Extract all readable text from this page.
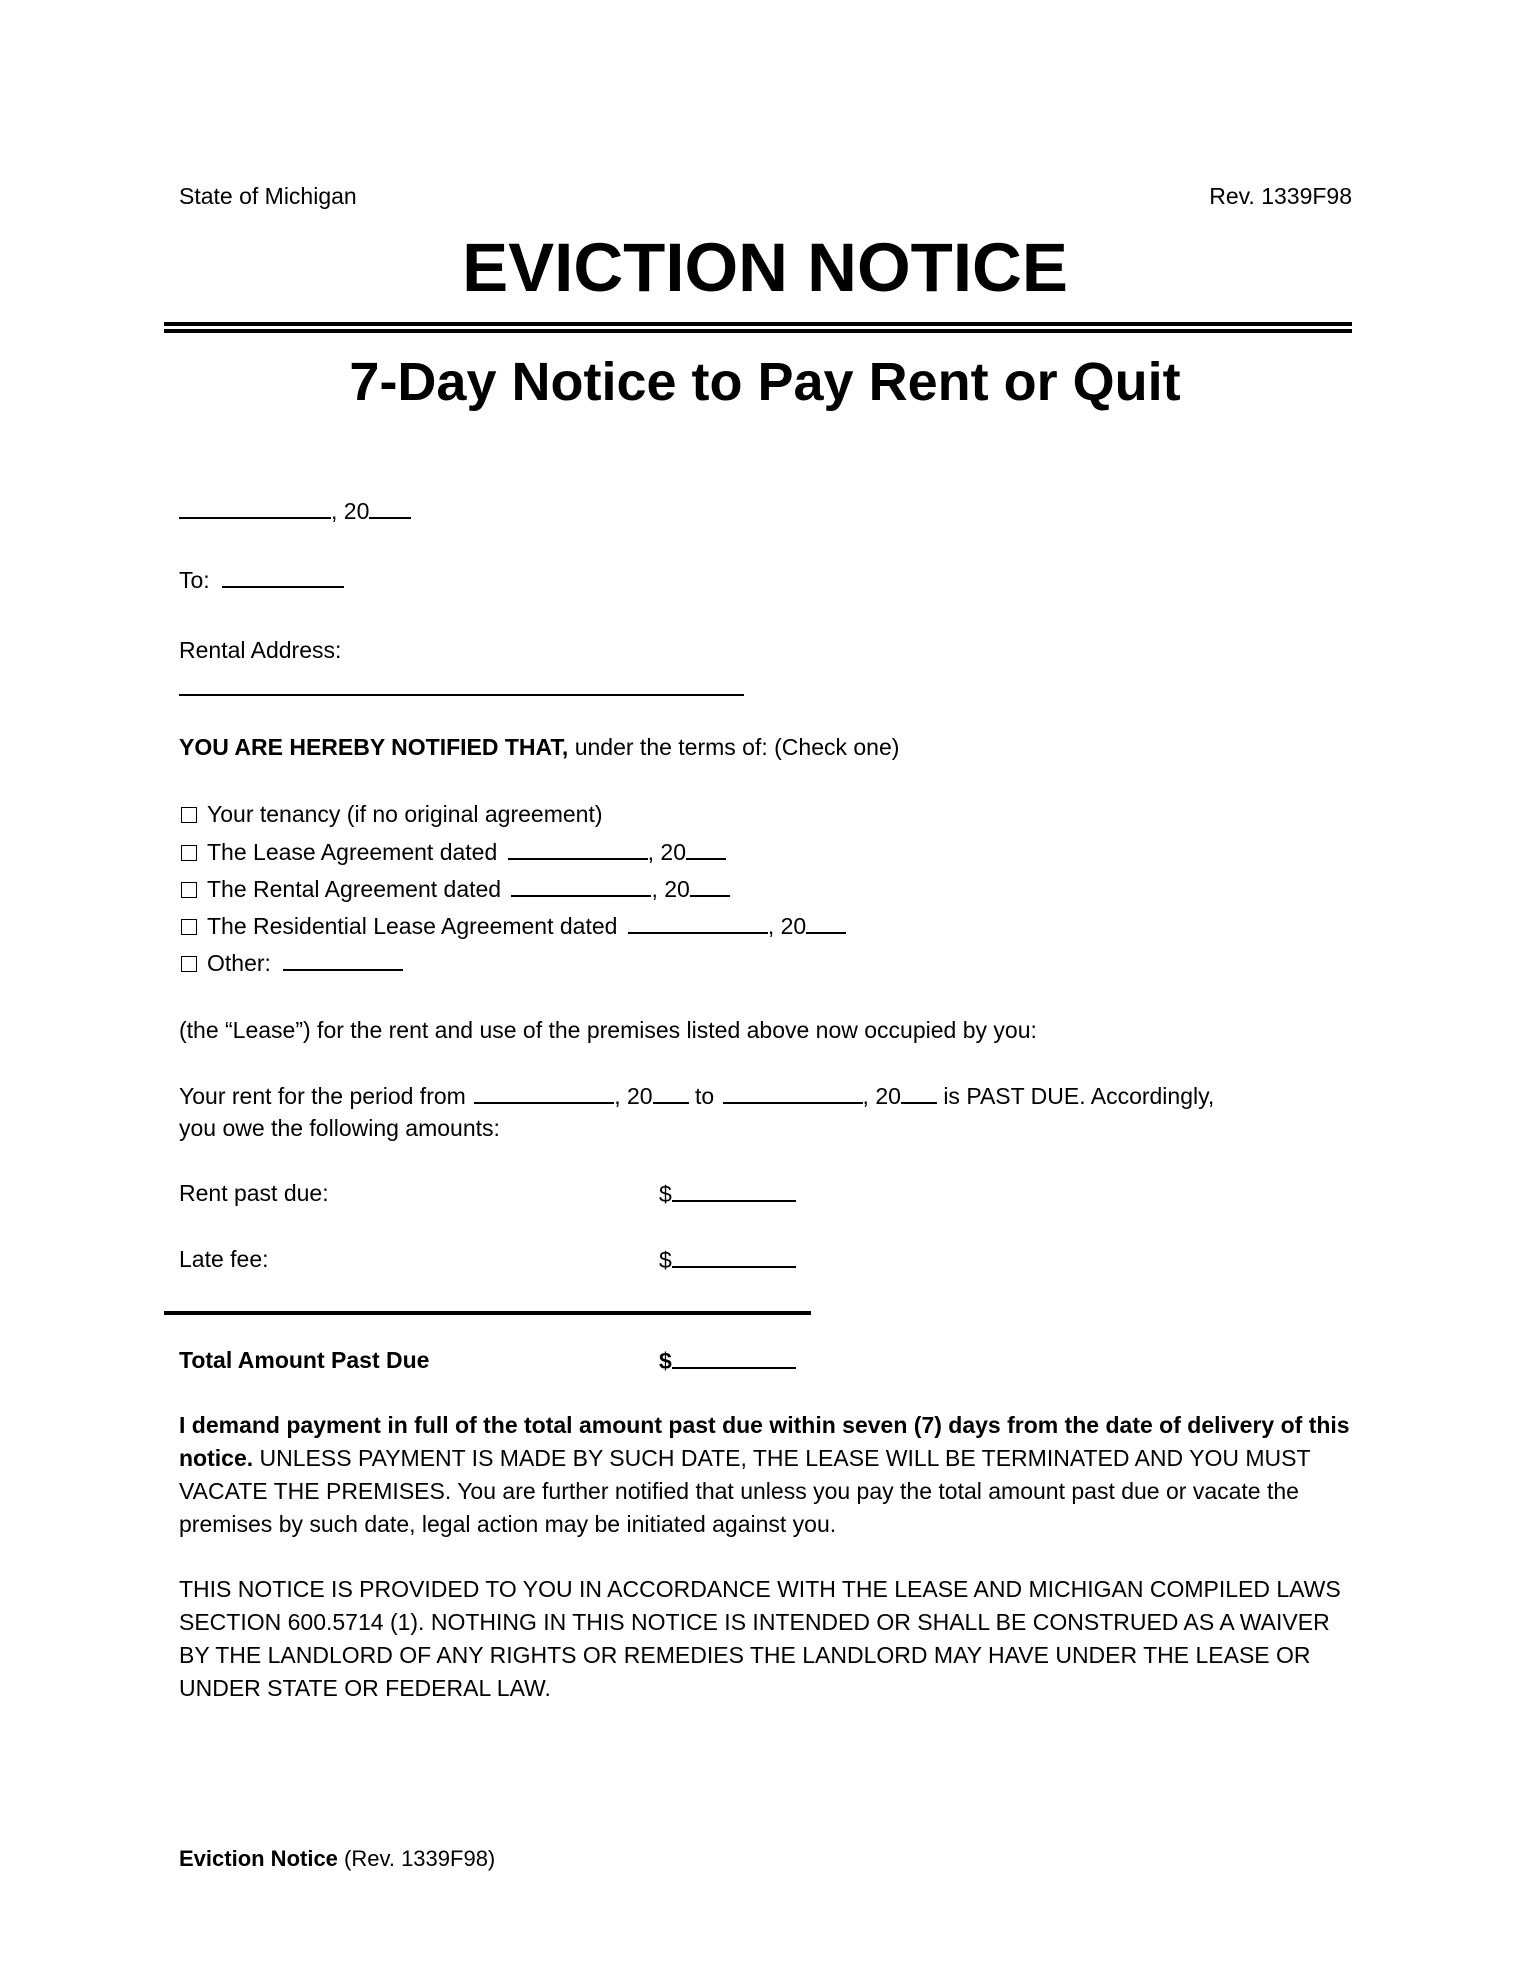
State of Michigan	Rev. 1339F98
EVICTION NOTICE
7-Day Notice to Pay Rent or Quit
, 20
To:
Rental Address:
YOU ARE HEREBY NOTIFIED THAT, under the terms of: (Check one)
Your tenancy (if no original agreement)
The Lease Agreement dated	, 20
The Rental Agreement dated	, 20
The Residential Lease Agreement dated	, 20
Other:
(the “Lease”) for the rent and use of the premises listed above now occupied by you:
Your rent for the period from	, 20 to	, 20 is PAST DUE. Accordingly,
you owe the following amounts:
Rent past due:	$
Late fee:	$
Total Amount Past Due	$
I demand payment in full of the total amount past due within seven (7) days from the date of delivery of this notice. UNLESS PAYMENT IS MADE BY SUCH DATE, THE LEASE WILL BE TERMINATED AND YOU MUST VACATE THE PREMISES. You are further notified that unless you pay the total amount past due or vacate the premises by such date, legal action may be initiated against you.
THIS NOTICE IS PROVIDED TO YOU IN ACCORDANCE WITH THE LEASE AND MICHIGAN COMPILED LAWS SECTION 600.5714 (1). NOTHING IN THIS NOTICE IS INTENDED OR SHALL BE CONSTRUED AS A WAIVER BY THE LANDLORD OF ANY RIGHTS OR REMEDIES THE LANDLORD MAY HAVE UNDER THE LEASE OR UNDER STATE OR FEDERAL LAW.
Eviction Notice (Rev. 1339F98)
